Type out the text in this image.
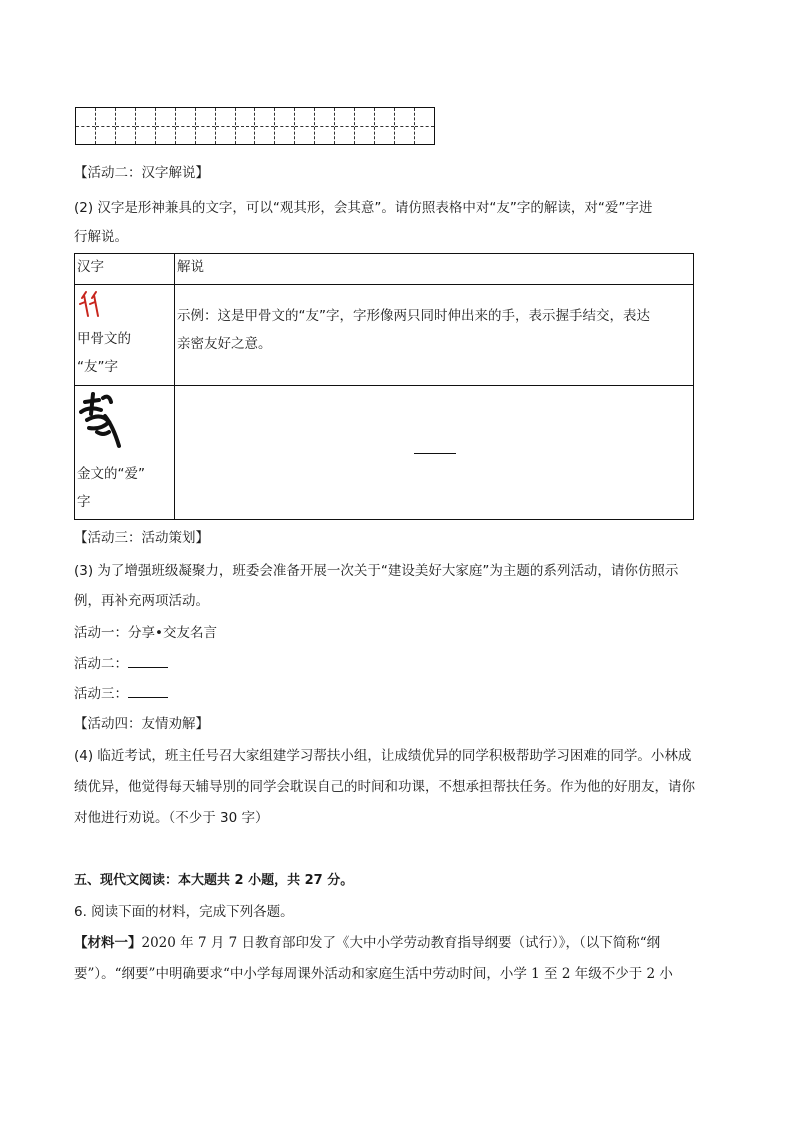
【活动二：汉字解说】
(2) 汉字是形神兼具的文字，可以“观其形，会其意”。请仿照表格中对“友”字的解读，对“爱”字进
行解说。
汉字	解说
甲骨文的
“友”字
示例：这是甲骨文的“友”字，字形像两只同时伸出来的手，表示握手结交，表达
亲密友好之意。
金文的“爱”
字
【活动三：活动策划】
(3) 为了增强班级凝聚力，班委会准备开展一次关于“建设美好大家庭”为主题的系列活动，请你仿照示
例，再补充两项活动。
活动一：分享•交友名言
活动二：
活动三：
【活动四：友情劝解】
(4) 临近考试，班主任号召大家组建学习帮扶小组，让成绩优异的同学积极帮助学习困难的同学。小林成
绩优异，他觉得每天辅导別的同学会耽误自己的时间和功课，不想承担帮扶任务。作为他的好朋友，请你
对他进行劝说。（不少于 30 字）
五、现代文阅读：本大题共 2 小题，共 27 分。
6. 阅读下面的材料，完成下列各题。
【材料一】2020 年 7 月 7 日教育部印发了《大中小学劳动教育指导纲要（试行）》，（以下简称“纲
要”）。“纲要”中明确要求“中小学每周课外活动和家庭生活中劳动时间，小学 1 至 2 年级不少于 2 小
